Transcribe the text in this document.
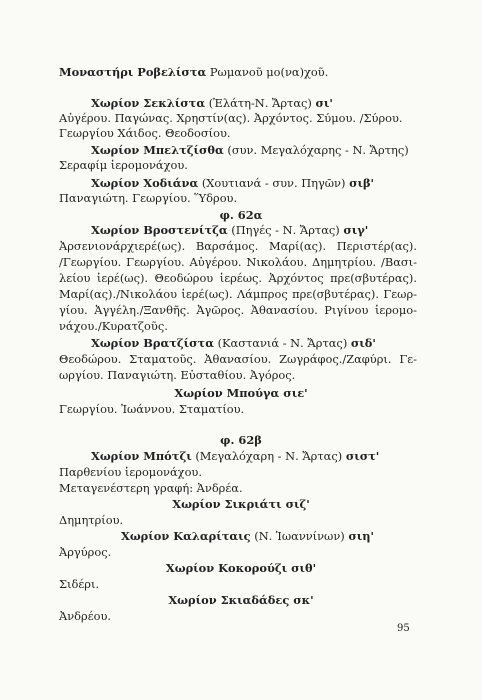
Μοναστήρι Ροβελίστα Ρωμανοῦ μο(να)χοῦ.
Χωρίον Σεκλίστα (Ἐλάτη-Ν. Ἄρτας) σι'
Αὐγέρου. Παγώνας. Χρηστίν(ας). Ἀρχόντος. Σύμου. /Σύρου.
Γεωργίου Χάιδος. Θεοδοσίου.
Χωρίον Μπελτζίσθα (συν. Μεγαλόχαρης - Ν. Ἄρτης)
Σεραφίμ ἱερομονάχου.
Χωρίον Χοδιάνα (Χουτιανά - συν. Πηγῶν) σιβ'
Παναγιώτη. Γεωργίου. Ὕδρου.
φ. 62α
Χωρίον Βροστενίτζα (Πηγές - Ν. Ἄρτας) σιγ'
Ἀρσενιονάρχιερέ(ως). Βαρσάμος. Μαρί(ας). Περιστέρ(ας).
/Γεωργίου. Γεωργίου. Αὐγέρου. Νικολάου. Δημητρίου. /Βασι-
λείου ἱερέ(ως). Θεοδώρου ἱερέως. Ἀρχόντος πρε(σβυτέρας).
Μαρί(ας)./Νικολάου ἱερέ(ως). Λάμπρος πρε(σβυτέρας). Γεωρ-
γίου. Ἀγγέλη./Ξανθῆς. Ἀγῶρος. Ἀθανασίου. Ριγίνου ἱερομο-
νάχου./Κυρατζοῦς.
Χωρίον Βρατζίστα (Καστανιά - Ν. Ἄρτας) σιδ'
Θεοδώρου. Σταματοῦς. Ἀθανασίου. Ζωγράφος./Ζαφύρι. Γε-
ωργίου. Παναγιώτη. Εὐσταθίου. Ἀγόρος.
Χωρίον Μπούγα σιε'
Γεωργίου. Ἰωάννου. Σταματίου.
φ. 62β
Χωρίον Μπότζι (Μεγαλόχαρη - Ν. Ἄρτας) σιστ'
Παρθενίου ἱερομονάχου.
Μεταγενέστερη γραφή: Ἀνδρέα.
Χωρίον Σικριάτι σιζ'
Δημητρίου.
Χωρίον Καλαρίταις (Ν. Ἰωαννίνων) σιη'
Ἀργύρος.
Χωρίον Κοκορούζι σιθ'
Σιδέρι.
Χωρίον Σκιαδάδες σκ'
Ἀνδρέου.
95
